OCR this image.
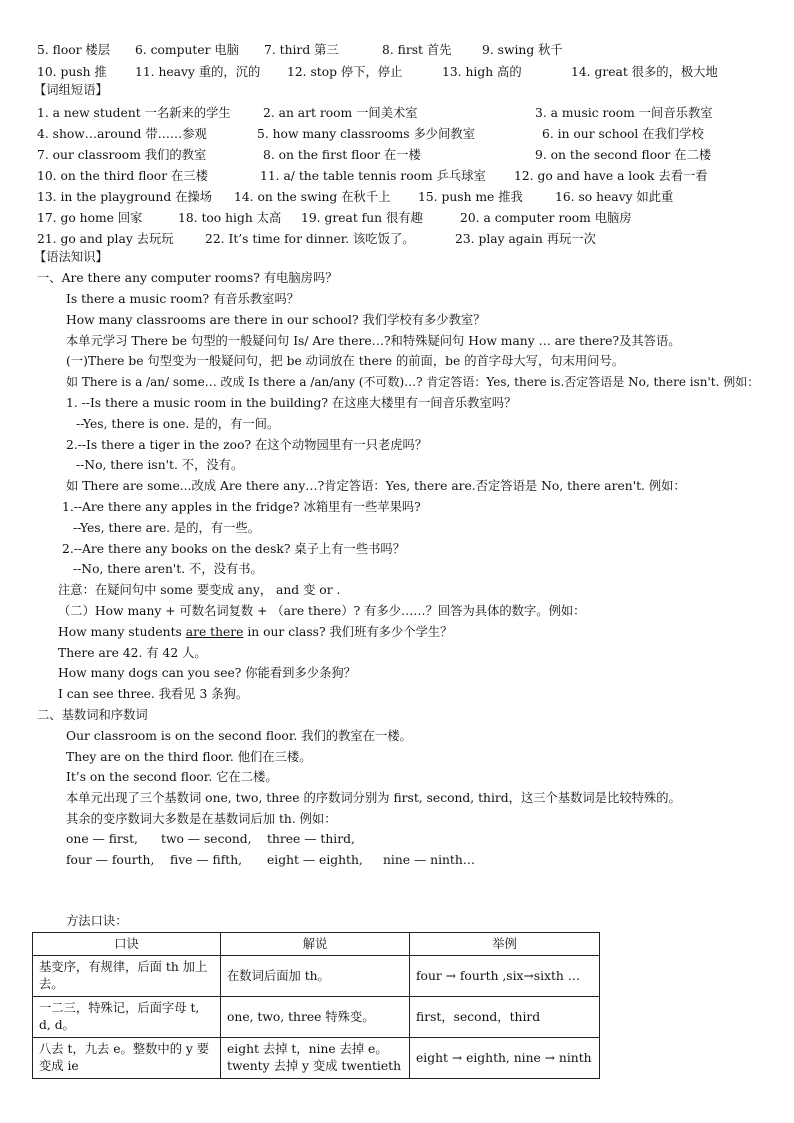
5. floor 楼层 6. computer 电脑 7. third 第三	8. first 首先 9. swing 秋千
10. push 推 11. heavy 重的，沉的 12. stop 停下，停止	13. high 高的	14. great 很多的，极大地
【词组短语】
1. a new student 一名新来的学生	2. an art room 一间美术室	3. a music room 一间音乐教室
4. show…around 带……参观	5. how many classrooms 多少间教室	6. in our school 在我们学校
7. our classroom 我们的教室	8. on the first floor 在一楼	9. on the second floor 在二楼
10. on the third floor 在三楼	11. a/ the table tennis room 乒乓球室 12. go and have a look 去看一看
13. in the playground 在操场 14. on the swing 在秋千上 15. push me 推我	16. so heavy 如此重
17. go home 回家	18. too high 太高 19. great fun 很有趣	20. a computer room 电脑房
21. go and play 去玩玩	22. It’s time for dinner. 该吃饭了。	23. play again 再玩一次
【语法知识】
一、Are there any computer rooms? 有电脑房吗？
Is there a music room? 有音乐教室吗？
How many classrooms are there in our school? 我们学校有多少教室？
本单元学习 There be 句型的一般疑问句 Is/ Are there…?和特殊疑问句 How many … are there?及其答语。
(一)There be 句型变为一般疑问句，把 be 动词放在 there 的前面，be 的首字母大写，句末用问号。
如 There is a /an/ some… 改成 Is there a /an/any (不可数)…? 肯定答语：Yes, there is.否定答语是 No, there isn't. 例如：
1. --Is there a music room in the building? 在这座大楼里有一间音乐教室吗？
--Yes, there is one. 是的，有一间。
2.--Is there a tiger in the zoo? 在这个动物园里有一只老虎吗？
--No, there isn't. 不，没有。
如 There are some...改成 Are there any…?肯定答语：Yes, there are.否定答语是 No, there aren't. 例如：
1.--Are there any apples in the fridge? 冰箱里有一些苹果吗?
--Yes, there are. 是的，有一些。
2.--Are there any books on the desk? 桌子上有一些书吗？
--No, there aren't. 不，没有书。
注意：在疑问句中 some 要变成 any， and 变 or .
（二）How many + 可数名词复数 + （are there）? 有多少……？回答为具体的数字。例如：
How many students are there in our class? 我们班有多少个学生？
There are 42. 有 42 人。
How many dogs can you see? 你能看到多少条狗？
I can see three. 我看见 3 条狗。
二、基数词和序数词
Our classroom is on the second floor. 我们的教室在一楼。
They are on the third floor. 他们在三楼。
It’s on the second floor. 它在二楼。
本单元出现了三个基数词 one, two, three 的序数词分别为 first, second, third，这三个基数词是比较特殊的。
其余的变序数词大多数是在基数词后加 th. 例如：
one — first, two — second, three — third,
four — fourth, five — fifth, eight — eighth, nine — ninth…
方法口诀：
口诀	解说	举例
基变序，有规律，后面 th 加上去。	在数词后面加 th。	four → fourth ,six→sixth …
一二三，特殊记，后面字母 t, d, d。	one, two, three 特殊变。	first，second，third
八去 t，九去 e。整数中的 y 要变成 ie	eight 去掉 t，nine 去掉 e。 twenty 去掉 y 变成 twentieth	eight → eighth, nine → ninth
